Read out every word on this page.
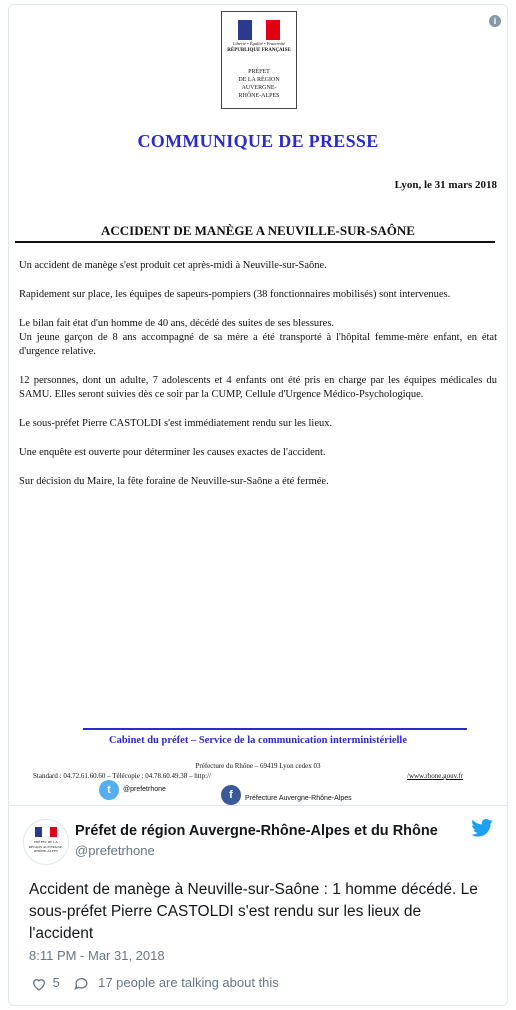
i
Liberté • Égalité • Fraternité
RÉPUBLIQUE FRANÇAISE
PRÉFET
DE LA RÉGION
AUVERGNE-
RHÔNE-ALPES
COMMUNIQUE DE PRESSE
Lyon, le 31 mars 2018
ACCIDENT DE MANÈGE A NEUVILLE-SUR-SAÔNE

Un accident de manège s'est produit cet après-midi à Neuville-sur-Saône.

Rapidement sur place, les équipes de sapeurs-pompiers (38 fonctionnaires mobilisés) sont intervenues.

Le bilan fait état d'un homme de 40 ans, décédé des suites de ses blessures.
Un jeune garçon de 8 ans accompagné de sa mère a été transporté à l'hôpital femme-mère enfant, en état d'urgence relative.

12 personnes, dont un adulte, 7 adolescents et 4 enfants ont été pris en charge par les équipes médicales du SAMU. Elles seront suivies dès ce soir par la CUMP, Cellule d'Urgence Médico-Psychologique.

Le sous-préfet Pierre CASTOLDI s'est immédiatement rendu sur les lieux.

Une enquête est ouverte pour déterminer les causes exactes de l'accident.

Sur décision du Maire, la fête foraine de Neuville-sur-Saône a été fermée.

Cabinet du préfet – Service de la communication interministérielle
Préfecture du Rhône – 69419 Lyon cedex 03
Standard : 04.72.61.60.60 – Télécopie : 04.78.60.49.38 – http://	/www.rhone.gouv.fr
t	@prefetrhone	f	Préfecture Auvergne-Rhône-Alpes
PRÉFET DE LA RÉGION AUVERGNE- RHÔNE-ALPES
Préfet de région Auvergne-Rhône-Alpes et du Rhône
@prefetrhone
Accident de manège à Neuville-sur-Saône : 1 homme décédé. Le sous-préfet Pierre CASTOLDI s'est rendu sur les lieux de l'accident
8:11 PM - Mar 31, 2018
5	17 people are talking about this
